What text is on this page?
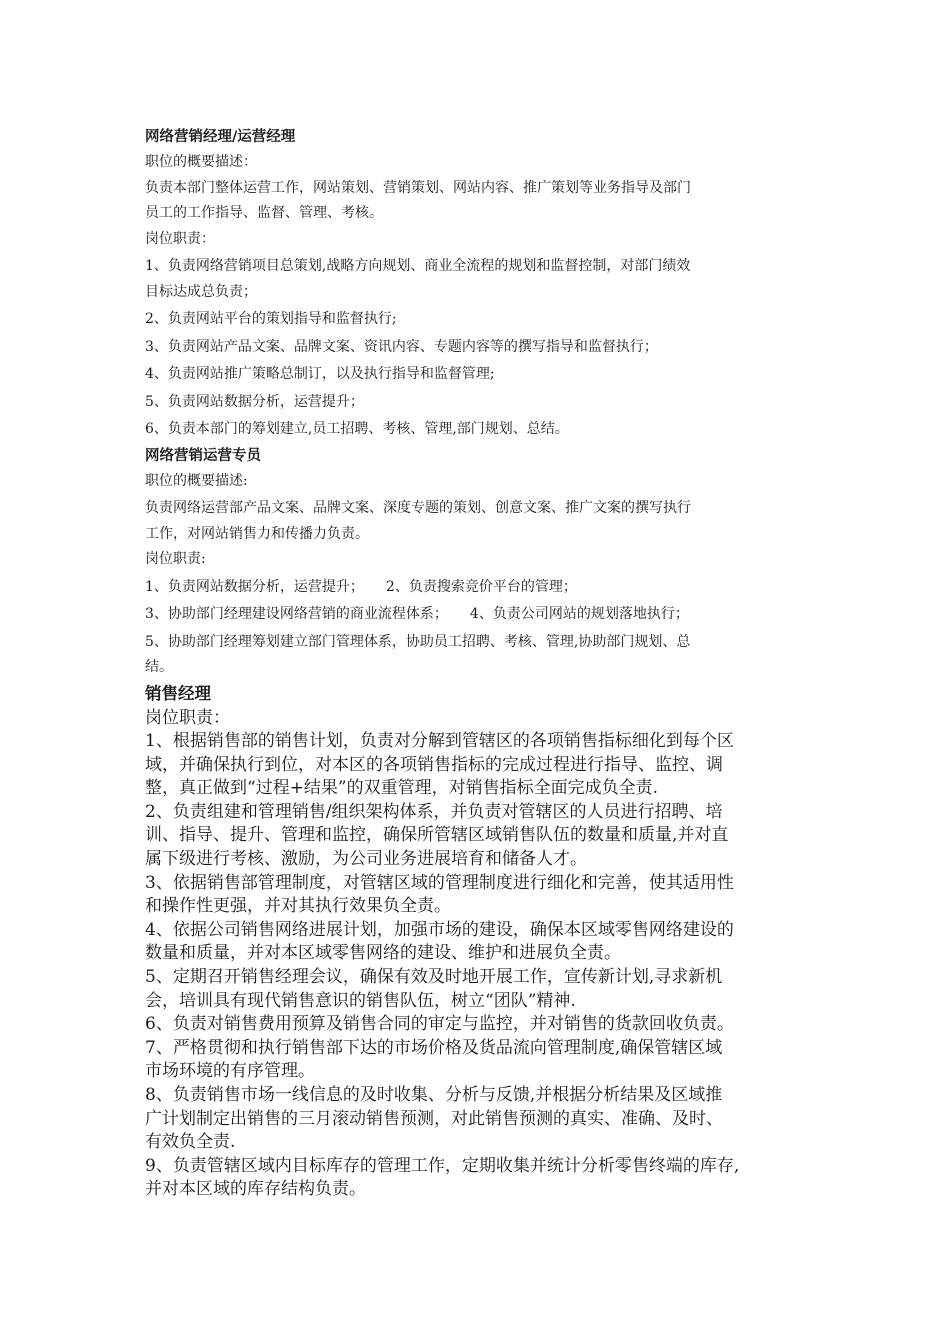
网络营销经理/运营经理
职位的概要描述：
负责本部门整体运营工作，网站策划、营销策划、网站内容、推广策划等业务指导及部门
员工的工作指导、监督、管理、考核。
岗位职责：
1、负责网络营销项目总策划,战略方向规划、商业全流程的规划和监督控制，对部门绩效
目标达成总负责；
2、负责网站平台的策划指导和监督执行;
3、负责网站产品文案、品牌文案、资讯内容、专题内容等的撰写指导和监督执行；
4、负责网站推广策略总制订，以及执行指导和监督管理;
5、负责网站数据分析，运营提升；
6、负责本部门的筹划建立,员工招聘、考核、管理,部门规划、总结。
网络营销运营专员
职位的概要描述:
负责网络运营部产品文案、品牌文案、深度专题的策划、创意文案、推广文案的撰写执行
工作，对网站销售力和传播力负责。
岗位职责:
1、负责网站数据分析，运营提升； 2、负责搜索竞价平台的管理；
3、协助部门经理建设网络营销的商业流程体系； 4、负责公司网站的规划落地执行；
5、协助部门经理筹划建立部门管理体系，协助员工招聘、考核、管理,协助部门规划、总
结。
销售经理
岗位职责：
1、根据销售部的销售计划，负责对分解到管辖区的各项销售指标细化到每个区
域，并确保执行到位，对本区的各项销售指标的完成过程进行指导、监控、调
整，真正做到“过程+结果”的双重管理，对销售指标全面完成负全责.
2、负责组建和管理销售/组织架构体系，并负责对管辖区的人员进行招聘、培
训、指导、提升、管理和监控，确保所管辖区域销售队伍的数量和质量,并对直
属下级进行考核、激励，为公司业务进展培育和储备人才。
3、依据销售部管理制度，对管辖区域的管理制度进行细化和完善，使其适用性
和操作性更强，并对其执行效果负全责。
4、依据公司销售网络进展计划，加强市场的建设，确保本区域零售网络建设的
数量和质量，并对本区域零售网络的建设、维护和进展负全责。
5、定期召开销售经理会议，确保有效及时地开展工作，宣传新计划,寻求新机
会，培训具有现代销售意识的销售队伍，树立“团队”精神.
6、负责对销售费用预算及销售合同的审定与监控，并对销售的货款回收负责。
7、严格贯彻和执行销售部下达的市场价格及货品流向管理制度,确保管辖区域
市场环境的有序管理。
8、负责销售市场一线信息的及时收集、分析与反馈,并根据分析结果及区域推
广计划制定出销售的三月滚动销售预测，对此销售预测的真实、准确、及时、
有效负全责.
9、负责管辖区域内目标库存的管理工作，定期收集并统计分析零售终端的库存,
并对本区域的库存结构负责。
